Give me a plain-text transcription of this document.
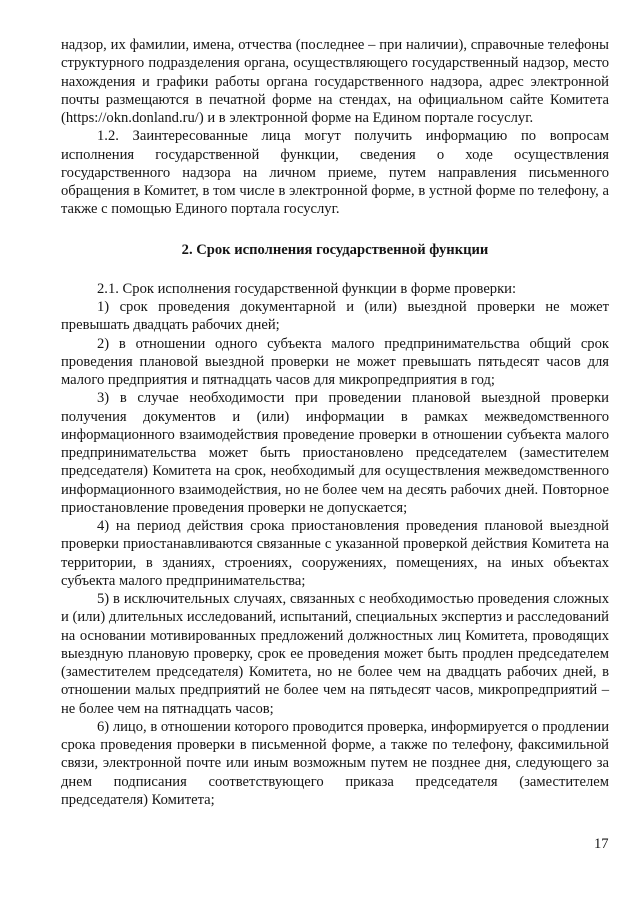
надзор, их фамилии, имена, отчества (последнее – при наличии), справочные телефоны структурного подразделения органа, осуществляющего государственный надзор, место нахождения и графики работы органа государственного надзора, адрес электронной почты размещаются в печатной форме на стендах, на официальном сайте Комитета (https://okn.donland.ru/) и в электронной форме на Едином портале госуслуг.

1.2. Заинтересованные лица могут получить информацию по вопросам исполнения государственной функции, сведения о ходе осуществления государственного надзора на личном приеме, путем направления письменного обращения в Комитет, в том числе в электронной форме, в устной форме по телефону, а также с помощью Единого портала госуслуг.

2. Срок исполнения государственной функции

2.1. Срок исполнения государственной функции в форме проверки:

1) срок проведения документарной и (или) выездной проверки не может превышать двадцать рабочих дней;

2) в отношении одного субъекта малого предпринимательства общий срок проведения плановой выездной проверки не может превышать пятьдесят часов для малого предприятия и пятнадцать часов для микропредприятия в год;

3) в случае необходимости при проведении плановой выездной проверки получения документов и (или) информации в рамках межведомственного информационного взаимодействия проведение проверки в отношении субъекта малого предпринимательства может быть приостановлено председателем (заместителем председателя) Комитета на срок, необходимый для осуществления межведомственного информационного взаимодействия, но не более чем на десять рабочих дней. Повторное приостановление проведения проверки не допускается;

4) на период действия срока приостановления проведения плановой выездной проверки приостанавливаются связанные с указанной проверкой действия Комитета на территории, в зданиях, строениях, сооружениях, помещениях, на иных объектах субъекта малого предпринимательства;

5) в исключительных случаях, связанных с необходимостью проведения сложных и (или) длительных исследований, испытаний, специальных экспертиз и расследований на основании мотивированных предложений должностных лиц Комитета, проводящих выездную плановую проверку, срок ее проведения может быть продлен председателем (заместителем председателя) Комитета, но не более чем на двадцать рабочих дней, в отношении малых предприятий не более чем на пятьдесят часов, микропредприятий – не более чем на пятнадцать часов;

6) лицо, в отношении которого проводится проверка, информируется о продлении срока проведения проверки в письменной форме, а также по телефону, факсимильной связи, электронной почте или иным возможным путем не позднее дня, следующего за днем подписания соответствующего приказа председателя (заместителем председателя) Комитета;

17
